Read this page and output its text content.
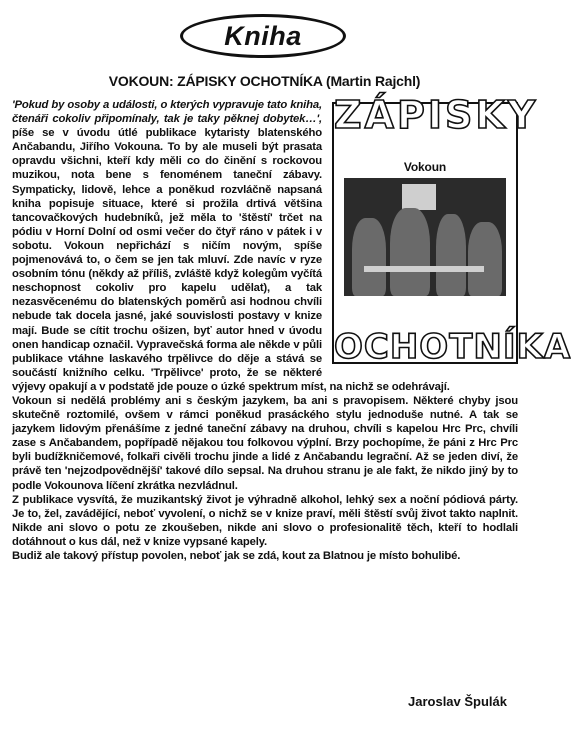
Kniha
VOKOUN: ZÁPISKY OCHOTNÍKA (Martin Rajchl)
ZÁPISKY
Vokoun
OCHOTNÍKA

'Pokud by osoby a události, o kterých vypravuje tato kniha, čtenáři cokoliv připomínaly, tak je taky pěknej dobytek…', píše se v úvodu útlé publikace kytaristy blatenského Ančabandu, Jiřího Vokouna. To by ale museli být prasata opravdu všichni, kteří kdy měli co do činění s rockovou muzikou, nota bene s fenoménem taneční zábavy. Sympaticky, lidově, lehce a poněkud rozvláčně napsaná kniha popisuje situace, které si prožila drtivá většina tancovačkových hudebníků, jež měla to 'štěstí' trčet na pódiu v Horní Dolní od osmi večer do čtyř ráno v pátek i v sobotu. Vokoun nepřichází s ničím novým, spíše pojmenovává to, o čem se jen tak mluví. Zde navíc v ryze osobním tónu (někdy až příliš, zvláště když kolegům vyčítá neschopnost cokoliv pro kapelu udělat), a tak nezasvěcenému do blatenských poměrů asi hodnou chvíli nebude tak docela jasné, jaké souvislosti postavy v knize mají. Bude se cítit trochu ošizen, byť autor hned v úvodu onen handicap označil. Vypravečská forma ale někde v půli publikace vtáhne laskavého trpělivce do děje a stává se součástí knižního celku. 'Trpělivce' proto, že se některé výjevy opakují a v podstatě jde pouze o úzké spektrum míst, na nichž se odehrávají.

Vokoun si nedělá problémy ani s českým jazykem, ba ani s pravopisem. Některé chyby jsou skutečně roztomilé, ovšem v rámci poněkud prasáckého stylu jednoduše nutné. A tak se jazykem lidovým přenášíme z jedné taneční zábavy na druhou, chvíli s kapelou Hrc Prc, chvíli zase s Ančabandem, popřípadě nějakou tou folkovou výplní. Brzy pochopíme, že páni z Hrc Prc byli budížkničemové, folkaři civěli trochu jinde a lidé z Ančabandu legrační. Až se jeden diví, že právě ten 'nejzodpovědnější' takové dílo sepsal. Na druhou stranu je ale fakt, že nikdo jiný by to podle Vokounova líčení zkrátka nezvládnul.

Z publikace vysvítá, že muzikantský život je výhradně alkohol, lehký sex a noční pódiová párty. Je to, žel, zavádějící, neboť vyvolení, o nichž se v knize praví, měli štěstí svůj život takto naplnit. Nikde ani slovo o potu ze zkoušeben, nikde ani slovo o profesionalitě těch, kteří to hodlali dotáhnout o kus dál, než v knize vypsané kapely.

Budiž ale takový přístup povolen, neboť jak se zdá, kout za Blatnou je místo bohulibé.

Jaroslav Špulák
